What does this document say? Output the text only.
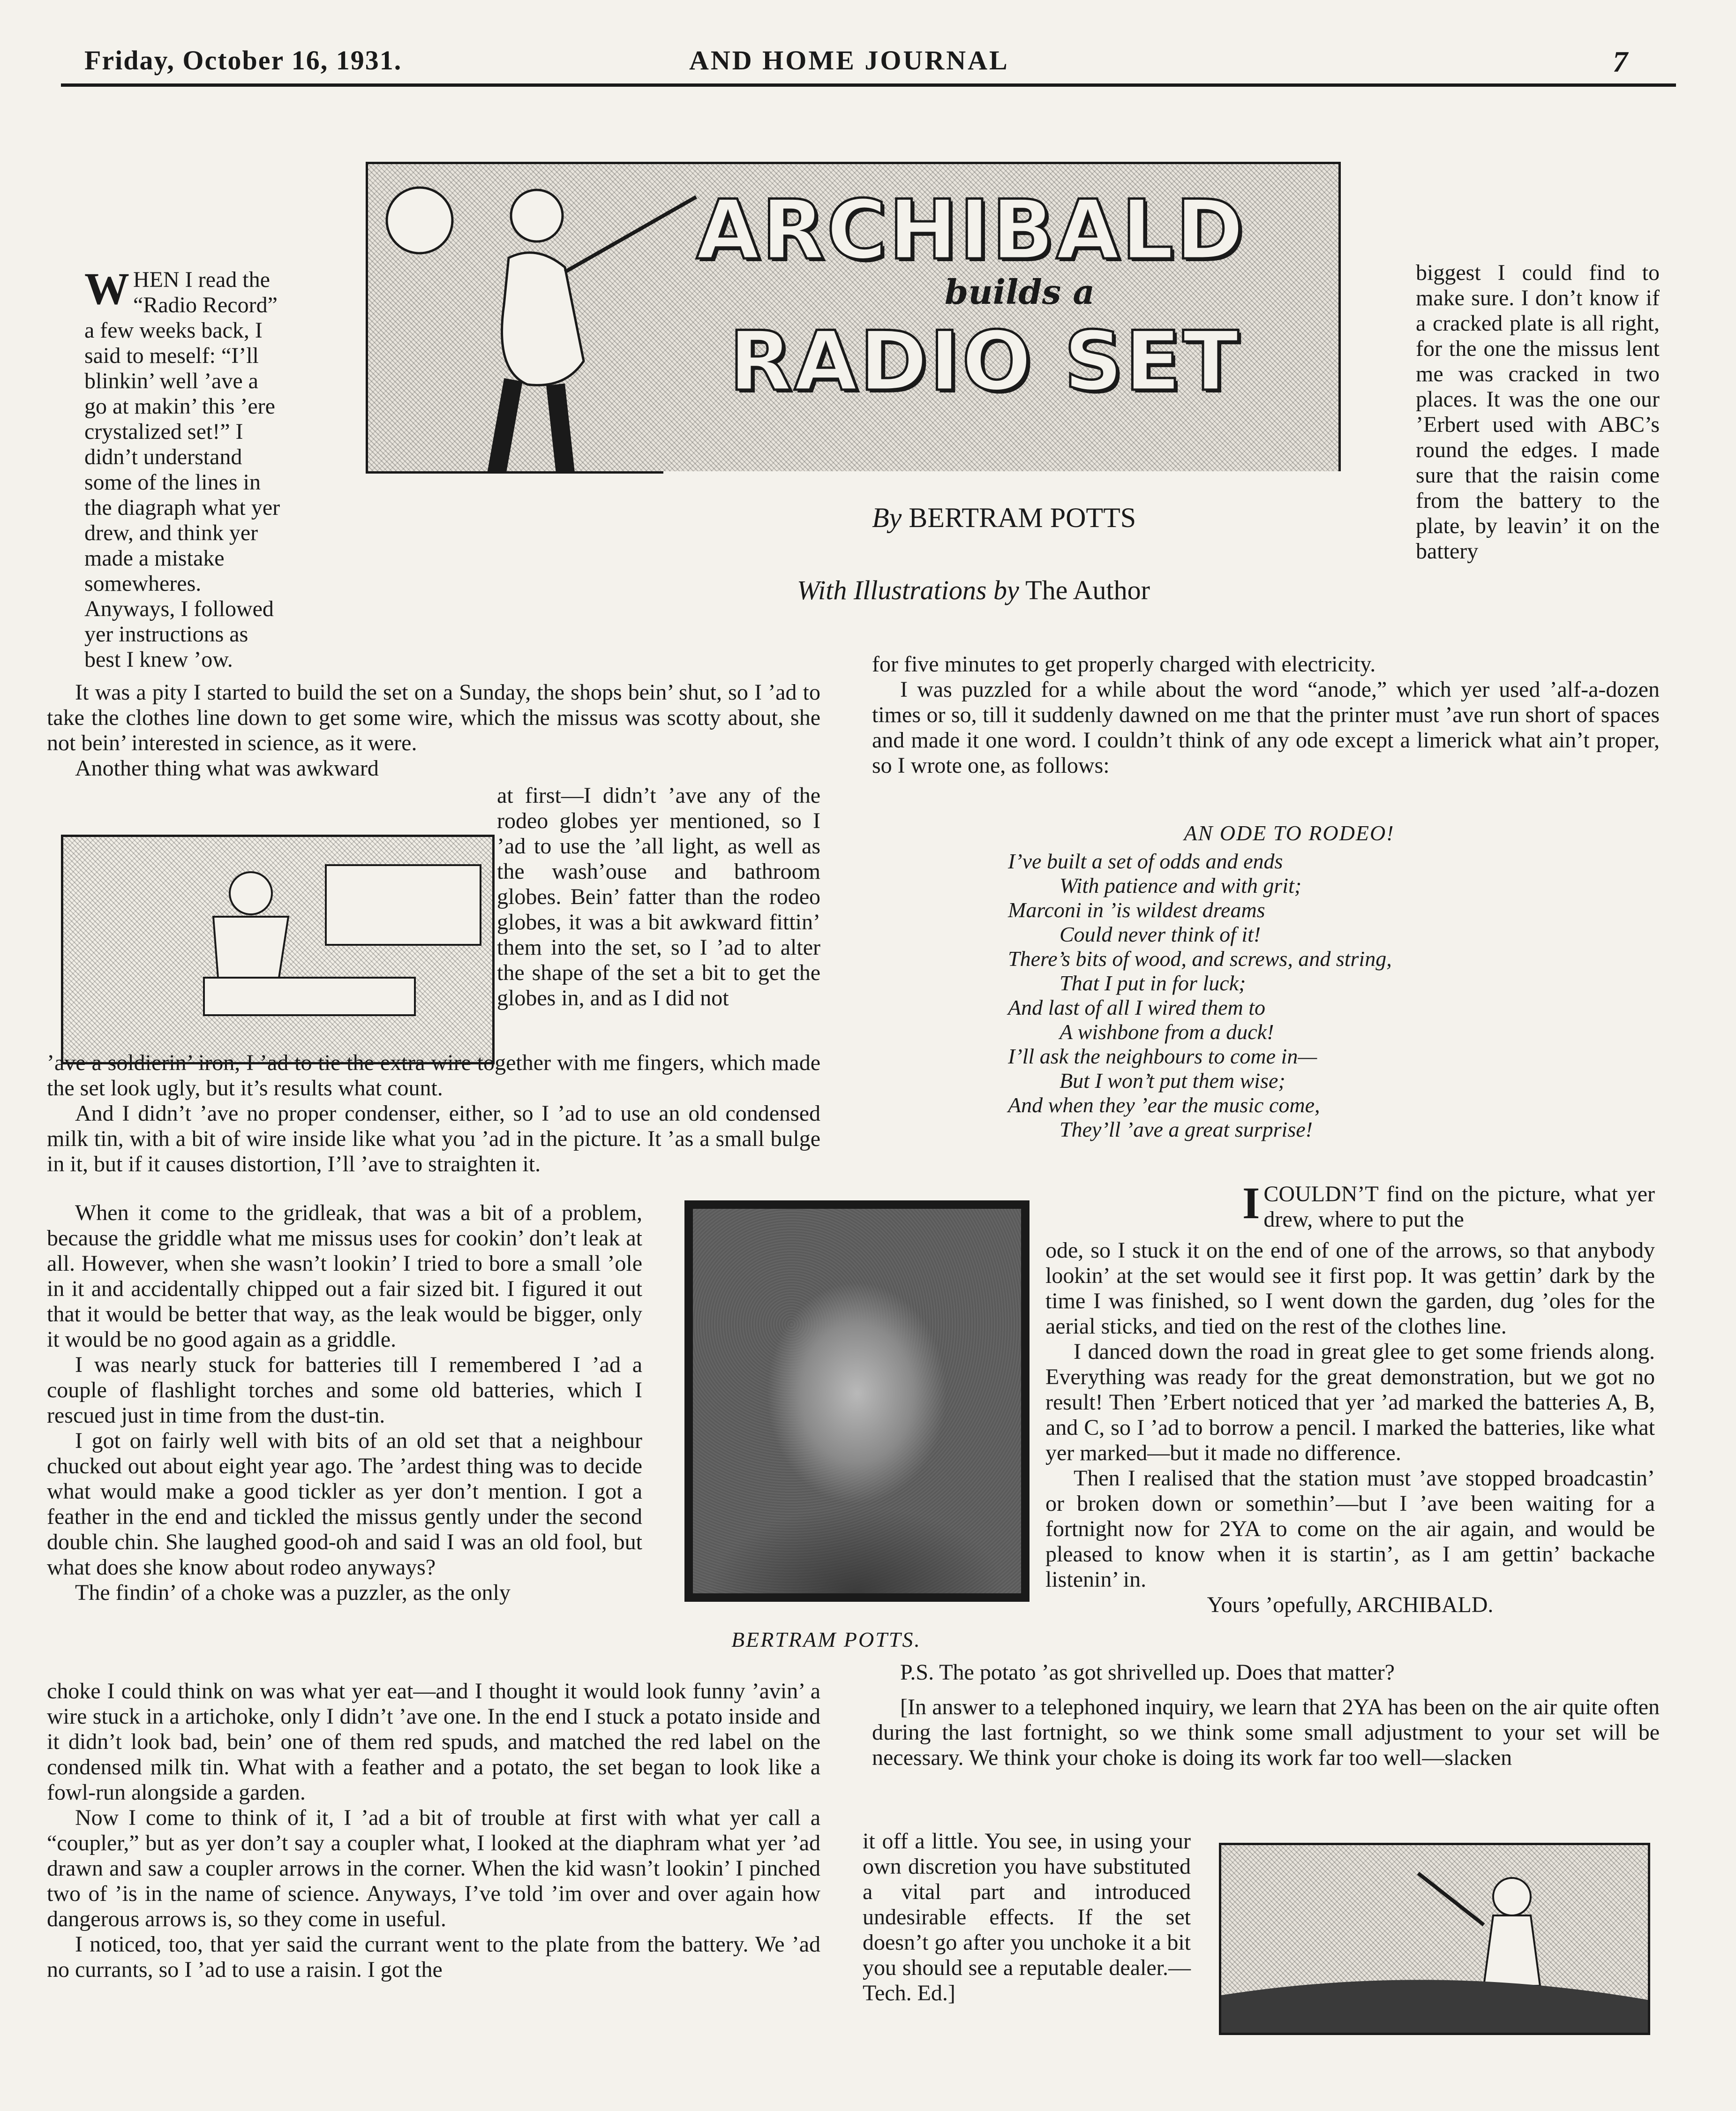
Friday, October 16, 1931.	AND HOME JOURNAL	7
ARCHIBALD
builds a
RADIO SET
By BERTRAM POTTS
With Illustrations by The Author

WHEN I read the “Radio Record” a few weeks back, I said to meself: “I’ll blinkin’ well ’ave a go at makin’ this ’ere crystalized set!” I didn’t understand some of the lines in the diagraph what yer drew, and think yer made a mistake somewheres. Anyways, I followed yer instructions as best I knew ’ow.

biggest I could find to make sure. I don’t know if a cracked plate is all right, for the one the missus lent me was cracked in two places. It was the one our ’Erbert used with ABC’s round the edges. I made sure that the raisin come from the battery to the plate, by leavin’ it on the battery

It was a pity I started to build the set on a Sunday, the shops bein’ shut, so I ’ad to take the clothes line down to get some wire, which the missus was scotty about, she not bein’ interested in science, as it were.

Another thing what was awkward

at first—I didn’t ’ave any of the rodeo globes yer mentioned, so I ’ad to use the ’all light, as well as the wash’ouse and bathroom globes. Bein’ fatter than the rodeo globes, it was a bit awkward fittin’ them into the set, so I ’ad to alter the shape of the set a bit to get the globes in, and as I did not

’ave a soldierin’ iron, I ’ad to tie the extra wire together with me fingers, which made the set look ugly, but it’s results what count.

And I didn’t ’ave no proper condenser, either, so I ’ad to use an old condensed milk tin, with a bit of wire inside like what you ’ad in the picture. It ’as a small bulge in it, but if it causes distortion, I’ll ’ave to straighten it.

When it come to the gridleak, that was a bit of a problem, because the griddle what me missus uses for cookin’ don’t leak at all. However, when she wasn’t lookin’ I tried to bore a small ’ole in it and accidentally chipped out a fair sized bit. I figured it out that it would be better that way, as the leak would be bigger, only it would be no good again as a griddle.

I was nearly stuck for batteries till I remembered I ’ad a couple of flashlight torches and some old batteries, which I rescued just in time from the dust-tin.

I got on fairly well with bits of an old set that a neighbour chucked out about eight year ago. The ’ardest thing was to decide what would make a good tickler as yer don’t mention. I got a feather in the end and tickled the missus gently under the second double chin. She laughed good-oh and said I was an old fool, but what does she know about rodeo anyways?

The findin’ of a choke was a puzzler, as the only

BERTRAM POTTS.

choke I could think on was what yer eat—and I thought it would look funny ’avin’ a wire stuck in a artichoke, only I didn’t ’ave one. In the end I stuck a potato inside and it didn’t look bad, bein’ one of them red spuds, and matched the red label on the condensed milk tin. What with a feather and a potato, the set began to look like a fowl-run alongside a garden.

Now I come to think of it, I ’ad a bit of trouble at first with what yer call a “coupler,” but as yer don’t say a coupler what, I looked at the diaphram what yer ’ad drawn and saw a coupler arrows in the corner. When the kid wasn’t lookin’ I pinched two of ’is in the name of science. Anyways, I’ve told ’im over and over again how dangerous arrows is, so they come in useful.

I noticed, too, that yer said the currant went to the plate from the battery. We ’ad no currants, so I ’ad to use a raisin. I got the

for five minutes to get properly charged with electricity.

I was puzzled for a while about the word “anode,” which yer used ’alf-a-dozen times or so, till it suddenly dawned on me that the printer must ’ave run short of spaces and made it one word. I couldn’t think of any ode except a limerick what ain’t proper, so I wrote one, as follows:

AN ODE TO RODEO!

I’ve built a set of odds and ends

With patience and with grit;

Marconi in ’is wildest dreams

Could never think of it!

There’s bits of wood, and screws, and string,

That I put in for luck;

And last of all I wired them to

A wishbone from a duck!

I’ll ask the neighbours to come in—

But I won’t put them wise;

And when they ’ear the music come,

They’ll ’ave a great surprise!

ICOULDN’T find on the picture, what yer drew, where to put the

ode, so I stuck it on the end of one of the arrows, so that anybody lookin’ at the set would see it first pop. It was gettin’ dark by the time I was finished, so I went down the garden, dug ’oles for the aerial sticks, and tied on the rest of the clothes line.

I danced down the road in great glee to get some friends along. Everything was ready for the great demonstration, but we got no result! Then ’Erbert noticed that yer ’ad marked the batteries A, B, and C, so I ’ad to borrow a pencil. I marked the batteries, like what yer marked—but it made no difference.

Then I realised that the station must ’ave stopped broadcastin’ or broken down or somethin’—but I ’ave been waiting for a fortnight now for 2YA to come on the air again, and would be pleased to know when it is startin’, as I am gettin’ backache listenin’ in.

Yours ’opefully, ARCHIBALD.

P.S. The potato ’as got shrivelled up. Does that matter?

[In answer to a telephoned inquiry, we learn that 2YA has been on the air quite often during the last fortnight, so we think some small adjustment to your set will be necessary. We think your choke is doing its work far too well—slacken

it off a little. You see, in using your own discretion you have substituted a vital part and introduced undesirable effects. If the set doesn’t go after you unchoke it a bit you should see a reputable dealer.—Tech. Ed.]
